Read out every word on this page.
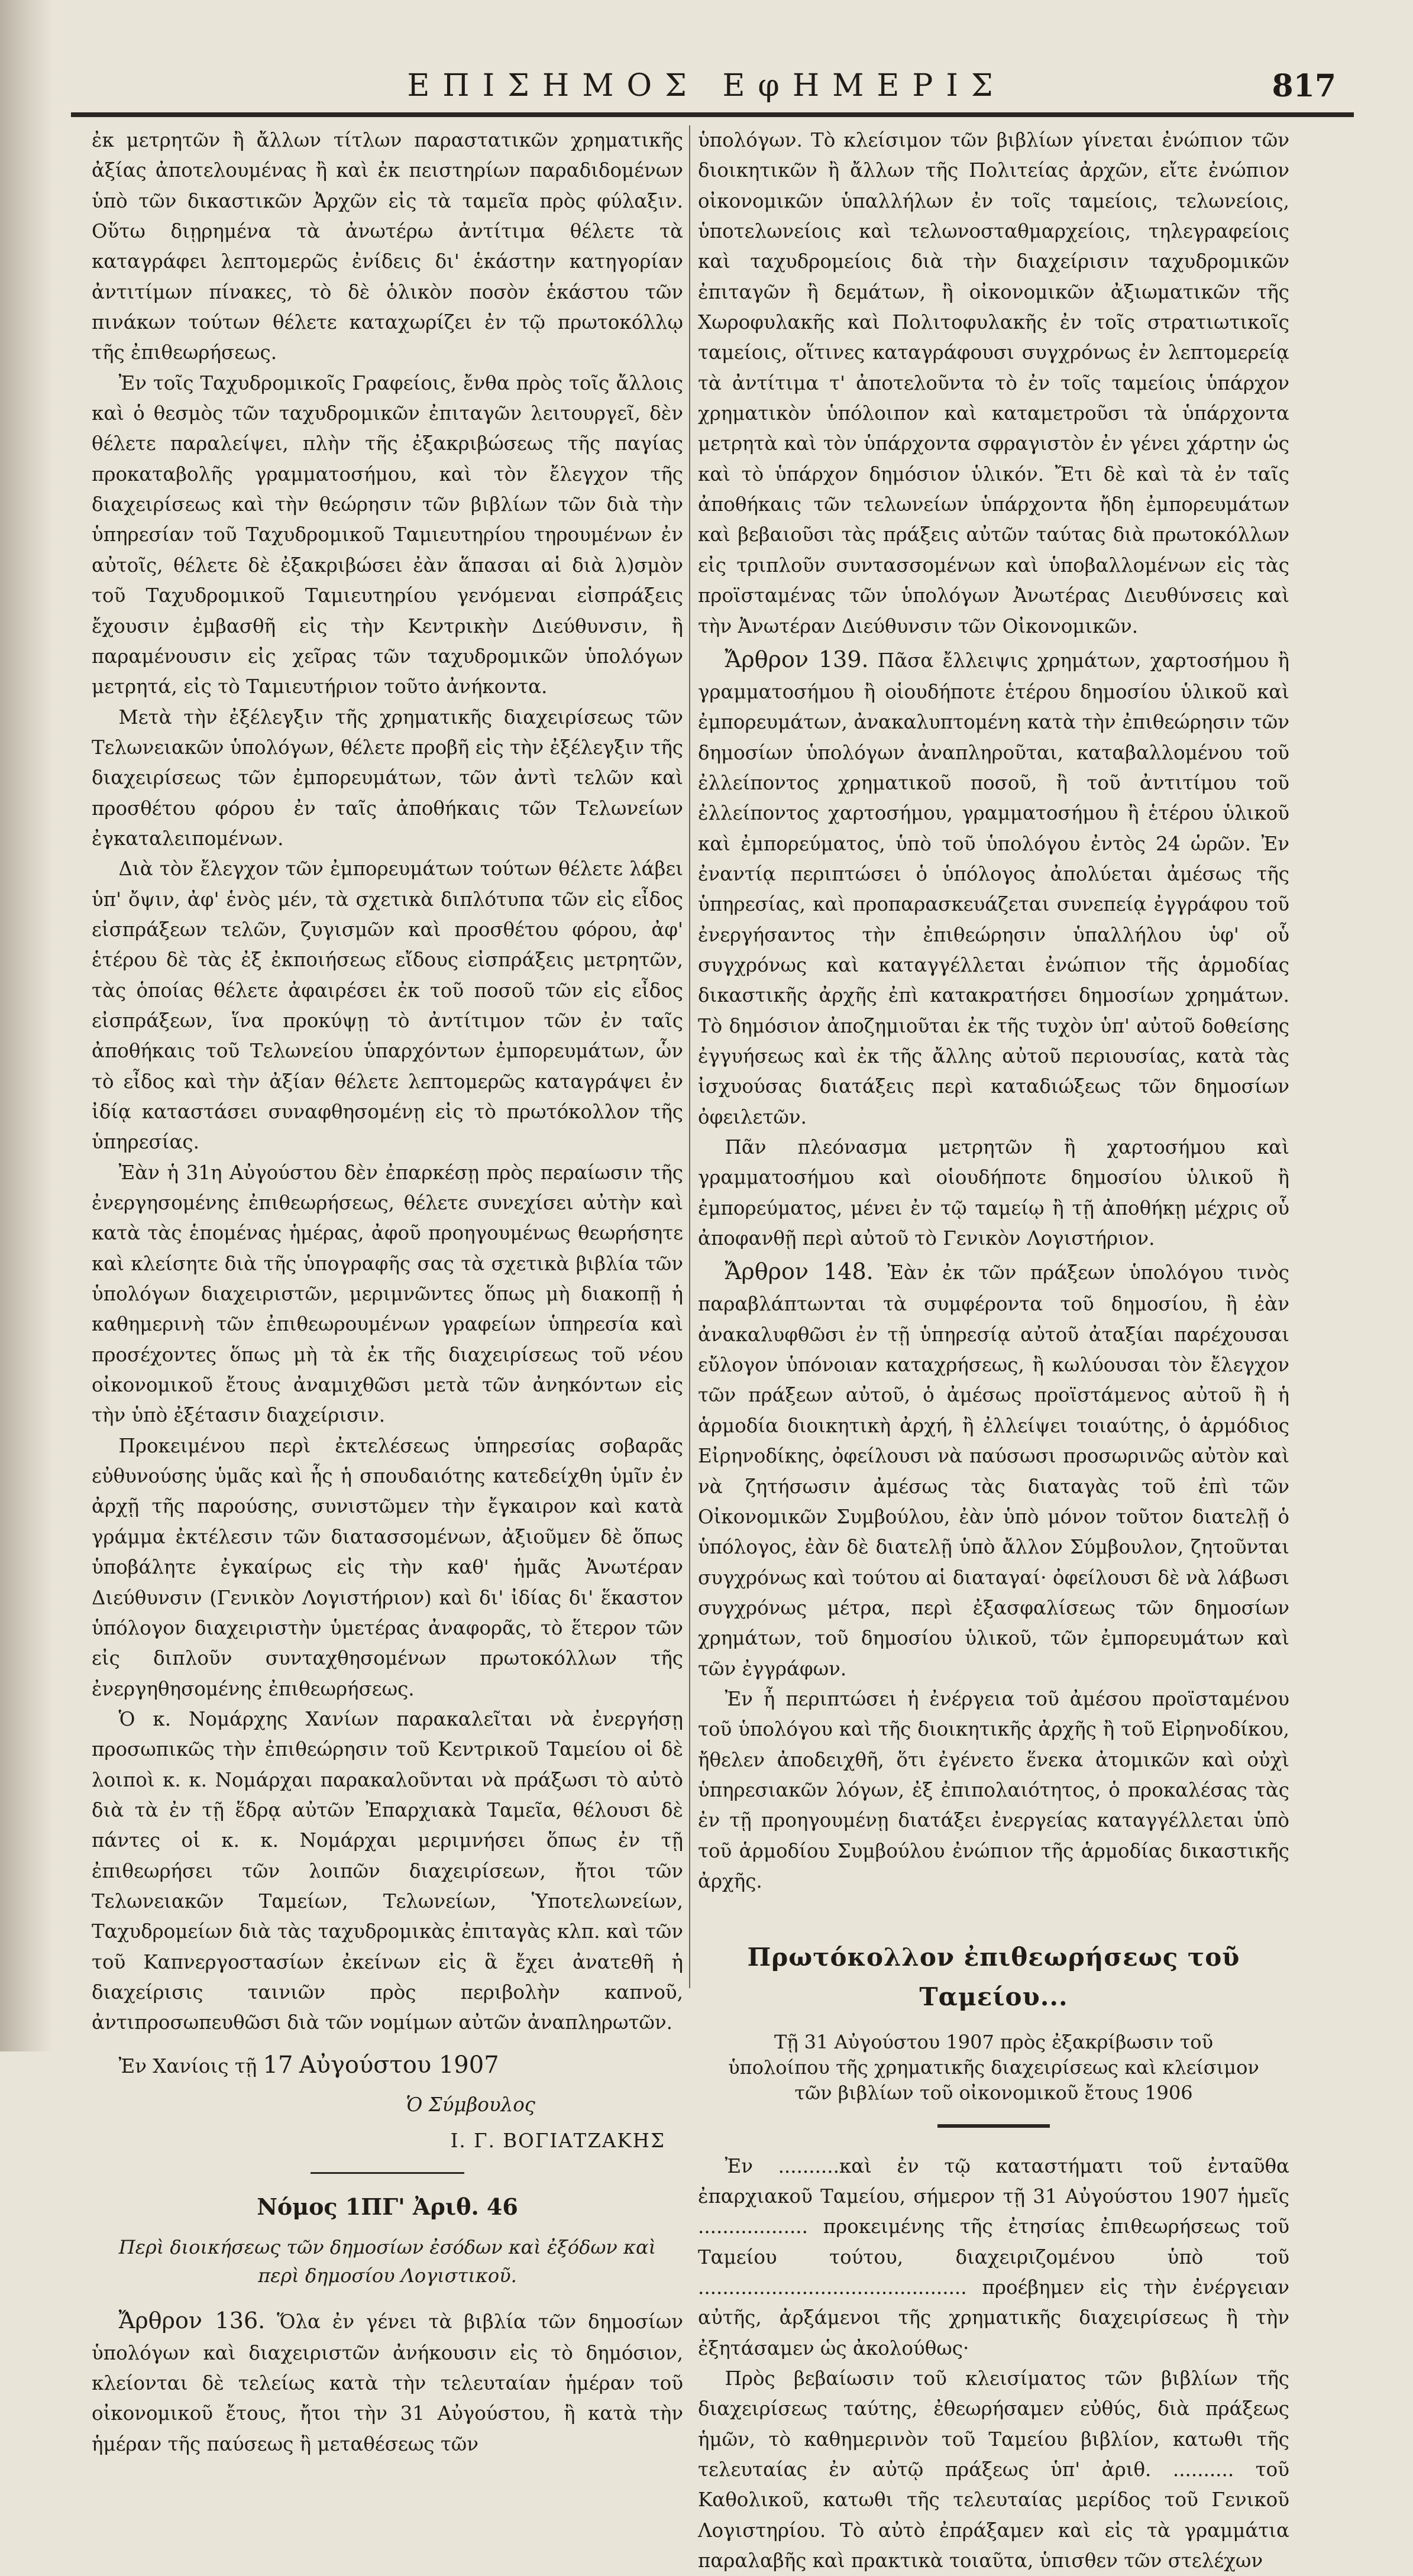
ΕΠΙΣΗΜΟΣ ΕφΗΜΕΡΙΣ	817

ἐκ μετρητῶν ἢ ἄλλων τίτλων παραστατικῶν χρηματικῆς ἀξίας ἀποτελουμένας ἢ καὶ ἐκ πειστηρίων παραδιδομένων ὑπὸ τῶν δικαστικῶν Ἀρχῶν εἰς τὰ ταμεῖα πρὸς φύλαξιν. Οὕτω διῃρημένα τὰ ἀνωτέρω ἀντίτιμα θέλετε τὰ καταγράφει λεπτομερῶς ἐνίδεις δι' ἑκάστην κατηγορίαν ἀντιτίμων πίνακες, τὸ δὲ ὁλικὸν ποσὸν ἑκάστου τῶν πινάκων τούτων θέλετε καταχωρίζει ἐν τῷ πρωτοκόλλῳ τῆς ἐπιθεωρήσεως.

Ἐν τοῖς Ταχυδρομικοῖς Γραφείοις, ἔνθα πρὸς τοῖς ἄλλοις καὶ ὁ θεσμὸς τῶν ταχυδρομικῶν ἐπιταγῶν λειτουργεῖ, δὲν θέλετε παραλείψει, πλὴν τῆς ἐξακριβώσεως τῆς παγίας προκαταβολῆς γραμματοσήμου, καὶ τὸν ἔλεγχον τῆς διαχειρίσεως καὶ τὴν θεώρησιν τῶν βιβλίων τῶν διὰ τὴν ὑπηρεσίαν τοῦ Ταχυδρομικοῦ Ταμιευτηρίου τηρουμένων ἐν αὐτοῖς, θέλετε δὲ ἐξακριβώσει ἐὰν ἅπασαι αἱ διὰ λ)σμὸν τοῦ Ταχυδρομικοῦ Ταμιευτηρίου γενόμεναι εἰσπράξεις ἔχουσιν ἐμβασθῆ εἰς τὴν Κεντρικὴν Διεύθυνσιν, ἢ παραμένουσιν εἰς χεῖρας τῶν ταχυδρομικῶν ὑπολόγων μετρητά, εἰς τὸ Ταμιευτήριον τοῦτο ἀνήκοντα.

Μετὰ τὴν ἐξέλεγξιν τῆς χρηματικῆς διαχειρίσεως τῶν Τελωνειακῶν ὑπολόγων, θέλετε προβῆ εἰς τὴν ἐξέλεγξιν τῆς διαχειρίσεως τῶν ἐμπορευμάτων, τῶν ἀντὶ τελῶν καὶ προσθέτου φόρου ἐν ταῖς ἀποθήκαις τῶν Τελωνείων ἐγκαταλειπομένων.

Διὰ τὸν ἔλεγχον τῶν ἐμπορευμάτων τούτων θέλετε λάβει ὑπ' ὄψιν, ἀφ' ἑνὸς μέν, τὰ σχετικὰ διπλότυπα τῶν εἰς εἶδος εἰσπράξεων τελῶν, ζυγισμῶν καὶ προσθέτου φόρου, ἀφ' ἑτέρου δὲ τὰς ἐξ ἐκποιήσεως εἴδους εἰσπράξεις μετρητῶν, τὰς ὁποίας θέλετε ἀφαιρέσει ἐκ τοῦ ποσοῦ τῶν εἰς εἶδος εἰσπράξεων, ἵνα προκύψῃ τὸ ἀντίτιμον τῶν ἐν ταῖς ἀποθήκαις τοῦ Τελωνείου ὑπαρχόντων ἐμπορευμάτων, ὧν τὸ εἶδος καὶ τὴν ἀξίαν θέλετε λεπτομερῶς καταγράψει ἐν ἰδίᾳ καταστάσει συναφθησομένῃ εἰς τὸ πρωτόκολλον τῆς ὑπηρεσίας.

Ἐὰν ἡ 31η Αὐγούστου δὲν ἐπαρκέσῃ πρὸς περαίωσιν τῆς ἐνεργησομένης ἐπιθεωρήσεως, θέλετε συνεχίσει αὐτὴν καὶ κατὰ τὰς ἑπομένας ἡμέρας, ἀφοῦ προηγουμένως θεωρήσητε καὶ κλείσητε διὰ τῆς ὑπογραφῆς σας τὰ σχετικὰ βιβλία τῶν ὑπολόγων διαχειριστῶν, μεριμνῶντες ὅπως μὴ διακοπῇ ἡ καθημερινὴ τῶν ἐπιθεωρουμένων γραφείων ὑπηρεσία καὶ προσέχοντες ὅπως μὴ τὰ ἐκ τῆς διαχειρίσεως τοῦ νέου οἰκονομικοῦ ἔτους ἀναμιχθῶσι μετὰ τῶν ἀνηκόντων εἰς τὴν ὑπὸ ἐξέτασιν διαχείρισιν.

Προκειμένου περὶ ἐκτελέσεως ὑπηρεσίας σοβαρᾶς εὐθυνούσης ὑμᾶς καὶ ἧς ἡ σπουδαιότης κατεδείχθη ὑμῖν ἐν ἀρχῇ τῆς παρούσης, συνιστῶμεν τὴν ἔγκαιρον καὶ κατὰ γράμμα ἐκτέλεσιν τῶν διατασσομένων, ἀξιοῦμεν δὲ ὅπως ὑποβάλητε ἐγκαίρως εἰς τὴν καθ' ἡμᾶς Ἀνωτέραν Διεύθυνσιν (Γενικὸν Λογιστήριον) καὶ δι' ἰδίας δι' ἕκαστον ὑπόλογον διαχειριστὴν ὑμετέρας ἀναφορᾶς, τὸ ἕτερον τῶν εἰς διπλοῦν συνταχθησομένων πρωτοκόλλων τῆς ἐνεργηθησομένης ἐπιθεωρήσεως.

Ὁ κ. Νομάρχης Χανίων παρακαλεῖται νὰ ἐνεργήσῃ προσωπικῶς τὴν ἐπιθεώρησιν τοῦ Κεντρικοῦ Ταμείου οἱ δὲ λοιποὶ κ. κ. Νομάρχαι παρακαλοῦνται νὰ πράξωσι τὸ αὐτὸ διὰ τὰ ἐν τῇ ἕδρᾳ αὐτῶν Ἐπαρχιακὰ Ταμεῖα, θέλουσι δὲ πάντες οἱ κ. κ. Νομάρχαι μεριμνήσει ὅπως ἐν τῇ ἐπιθεωρήσει τῶν λοιπῶν διαχειρίσεων, ἤτοι τῶν Τελωνειακῶν Ταμείων, Τελωνείων, Ὑποτελωνείων, Ταχυδρομείων διὰ τὰς ταχυδρομικὰς ἐπιταγὰς κλπ. καὶ τῶν τοῦ Καπνεργοστασίων ἐκείνων εἰς ἃ ἔχει ἀνατεθῆ ἡ διαχείρισις ταινιῶν πρὸς περιβολὴν καπνοῦ, ἀντιπροσωπευθῶσι διὰ τῶν νομίμων αὐτῶν ἀναπληρωτῶν.

Ἐν Χανίοις τῇ 17 Αὐγούστου 1907

Ὁ Σύμβουλος

Ι. Γ. ΒΟΓΙΑΤΖΑΚΗΣ

Νόμος 1ΠΓ' Ἀριθ. 46

Περὶ διοικήσεως τῶν δημοσίων ἐσόδων καὶ ἐξόδων καὶ περὶ δημοσίου Λογιστικοῦ.

Ἄρθρον 136. Ὅλα ἐν γένει τὰ βιβλία τῶν δημοσίων ὑπολόγων καὶ διαχειριστῶν ἀνήκουσιν εἰς τὸ δημόσιον, κλείονται δὲ τελείως κατὰ τὴν τελευταίαν ἡμέραν τοῦ οἰκονομικοῦ ἔτους, ἤτοι τὴν 31 Αὐγούστου, ἢ κατὰ τὴν ἡμέραν τῆς παύσεως ἢ μεταθέσεως τῶν

ὑπολόγων. Τὸ κλείσιμον τῶν βιβλίων γίνεται ἐνώπιον τῶν διοικητικῶν ἢ ἄλλων τῆς Πολιτείας ἀρχῶν, εἴτε ἐνώπιον οἰκονομικῶν ὑπαλλήλων ἐν τοῖς ταμείοις, τελωνείοις, ὑποτελωνείοις καὶ τελωνοσταθμαρχείοις, τηλεγραφείοις καὶ ταχυδρομείοις διὰ τὴν διαχείρισιν ταχυδρομικῶν ἐπιταγῶν ἢ δεμάτων, ἢ οἰκονομικῶν ἀξιωματικῶν τῆς Χωροφυλακῆς καὶ Πολιτοφυλακῆς ἐν τοῖς στρατιωτικοῖς ταμείοις, οἵτινες καταγράφουσι συγχρόνως ἐν λεπτομερείᾳ τὰ ἀντίτιμα τ' ἀποτελοῦντα τὸ ἐν τοῖς ταμείοις ὑπάρχον χρηματικὸν ὑπόλοιπον καὶ καταμετροῦσι τὰ ὑπάρχοντα μετρητὰ καὶ τὸν ὑπάρχοντα σφραγιστὸν ἐν γένει χάρτην ὡς καὶ τὸ ὑπάρχον δημόσιον ὑλικόν. Ἔτι δὲ καὶ τὰ ἐν ταῖς ἀποθήκαις τῶν τελωνείων ὑπάρχοντα ἤδη ἐμπορευμάτων καὶ βεβαιοῦσι τὰς πράξεις αὐτῶν ταύτας διὰ πρωτοκόλλων εἰς τριπλοῦν συντασσομένων καὶ ὑποβαλλομένων εἰς τὰς προϊσταμένας τῶν ὑπολόγων Ἀνωτέρας Διευθύνσεις καὶ τὴν Ἀνωτέραν Διεύθυνσιν τῶν Οἰκονομικῶν.

Ἄρθρον 139. Πᾶσα ἔλλειψις χρημάτων, χαρτοσήμου ἢ γραμματοσήμου ἢ οἱουδήποτε ἑτέρου δημοσίου ὑλικοῦ καὶ ἐμπορευμάτων, ἀνακαλυπτομένη κατὰ τὴν ἐπιθεώρησιν τῶν δημοσίων ὑπολόγων ἀναπληροῦται, καταβαλλομένου τοῦ ἐλλείποντος χρηματικοῦ ποσοῦ, ἢ τοῦ ἀντιτίμου τοῦ ἐλλείποντος χαρτοσήμου, γραμματοσήμου ἢ ἑτέρου ὑλικοῦ καὶ ἐμπορεύματος, ὑπὸ τοῦ ὑπολόγου ἐντὸς 24 ὡρῶν. Ἐν ἐναντίᾳ περιπτώσει ὁ ὑπόλογος ἀπολύεται ἀμέσως τῆς ὑπηρεσίας, καὶ προπαρασκευάζεται συνεπείᾳ ἐγγράφου τοῦ ἐνεργήσαντος τὴν ἐπιθεώρησιν ὑπαλλήλου ὑφ' οὗ συγχρόνως καὶ καταγγέλλεται ἐνώπιον τῆς ἁρμοδίας δικαστικῆς ἀρχῆς ἐπὶ κατακρατήσει δημοσίων χρημάτων. Τὸ δημόσιον ἀποζημιοῦται ἐκ τῆς τυχὸν ὑπ' αὐτοῦ δοθείσης ἐγγυήσεως καὶ ἐκ τῆς ἄλλης αὐτοῦ περιουσίας, κατὰ τὰς ἰσχυούσας διατάξεις περὶ καταδιώξεως τῶν δημοσίων ὀφειλετῶν.

Πᾶν πλεόνασμα μετρητῶν ἢ χαρτοσήμου καὶ γραμματοσήμου καὶ οἱουδήποτε δημοσίου ὑλικοῦ ἢ ἐμπορεύματος, μένει ἐν τῷ ταμείῳ ἢ τῇ ἀποθήκῃ μέχρις οὗ ἀποφανθῇ περὶ αὐτοῦ τὸ Γενικὸν Λογιστήριον.

Ἄρθρον 148. Ἐὰν ἐκ τῶν πράξεων ὑπολόγου τινὸς παραβλάπτωνται τὰ συμφέροντα τοῦ δημοσίου, ἢ ἐὰν ἀνακαλυφθῶσι ἐν τῇ ὑπηρεσίᾳ αὐτοῦ ἀταξίαι παρέχουσαι εὔλογον ὑπόνοιαν καταχρήσεως, ἢ κωλύουσαι τὸν ἔλεγχον τῶν πράξεων αὐτοῦ, ὁ ἀμέσως προϊστάμενος αὐτοῦ ἢ ἡ ἁρμοδία διοικητικὴ ἀρχή, ἢ ἐλλείψει τοιαύτης, ὁ ἁρμόδιος Εἰρηνοδίκης, ὀφείλουσι νὰ παύσωσι προσωρινῶς αὐτὸν καὶ νὰ ζητήσωσιν ἀμέσως τὰς διαταγὰς τοῦ ἐπὶ τῶν Οἰκονομικῶν Συμβούλου, ἐὰν ὑπὸ μόνον τοῦτον διατελῇ ὁ ὑπόλογος, ἐὰν δὲ διατελῇ ὑπὸ ἄλλον Σύμβουλον, ζητοῦνται συγχρόνως καὶ τούτου αἱ διαταγαί· ὀφείλουσι δὲ νὰ λάβωσι συγχρόνως μέτρα, περὶ ἐξασφαλίσεως τῶν δημοσίων χρημάτων, τοῦ δημοσίου ὑλικοῦ, τῶν ἐμπορευμάτων καὶ τῶν ἐγγράφων.

Ἐν ἧ περιπτώσει ἡ ἐνέργεια τοῦ ἀμέσου προϊσταμένου τοῦ ὑπολόγου καὶ τῆς διοικητικῆς ἀρχῆς ἢ τοῦ Εἰρηνοδίκου, ἤθελεν ἀποδειχθῆ, ὅτι ἐγένετο ἕνεκα ἀτομικῶν καὶ οὐχὶ ὑπηρεσιακῶν λόγων, ἐξ ἐπιπολαιότητος, ὁ προκαλέσας τὰς ἐν τῇ προηγουμένῃ διατάξει ἐνεργείας καταγγέλλεται ὑπὸ τοῦ ἁρμοδίου Συμβούλου ἐνώπιον τῆς ἁρμοδίας δικαστικῆς ἀρχῆς.

Πρωτόκολλον ἐπιθεωρήσεως τοῦ Ταμείου...

Τῇ 31 Αὐγούστου 1907 πρὸς ἐξακρίβωσιν τοῦ ὑπολοίπου τῆς χρηματικῆς διαχειρίσεως καὶ κλείσιμον τῶν βιβλίων τοῦ οἰκονομικοῦ ἔτους 1906

Ἐν ..........καὶ ἐν τῷ καταστήματι τοῦ ἐνταῦθα ἐπαρχιακοῦ Ταμείου, σήμερον τῇ 31 Αὐγούστου 1907 ἡμεῖς .................. προκειμένης τῆς ἐτησίας ἐπιθεωρήσεως τοῦ Ταμείου τούτου, διαχειριζομένου ὑπὸ τοῦ ............................................ προέβημεν εἰς τὴν ἐνέργειαν αὐτῆς, ἀρξάμενοι τῆς χρηματικῆς διαχειρίσεως ἢ τὴν ἐξητάσαμεν ὡς ἀκολούθως·

Πρὸς βεβαίωσιν τοῦ κλεισίματος τῶν βιβλίων τῆς διαχειρίσεως ταύτης, ἐθεωρήσαμεν εὐθύς, διὰ πράξεως ἡμῶν, τὸ καθημερινὸν τοῦ Ταμείου βιβλίον, κατωθι τῆς τελευταίας ἐν αὐτῷ πράξεως ὑπ' ἀριθ. .......... τοῦ Καθολικοῦ, κατωθι τῆς τελευταίας μερίδος τοῦ Γενικοῦ Λογιστηρίου. Τὸ αὐτὸ ἐπράξαμεν καὶ εἰς τὰ γραμμάτια παραλαβῆς καὶ πρακτικὰ τοιαῦτα, ὑπισθεν τῶν στελέχων
